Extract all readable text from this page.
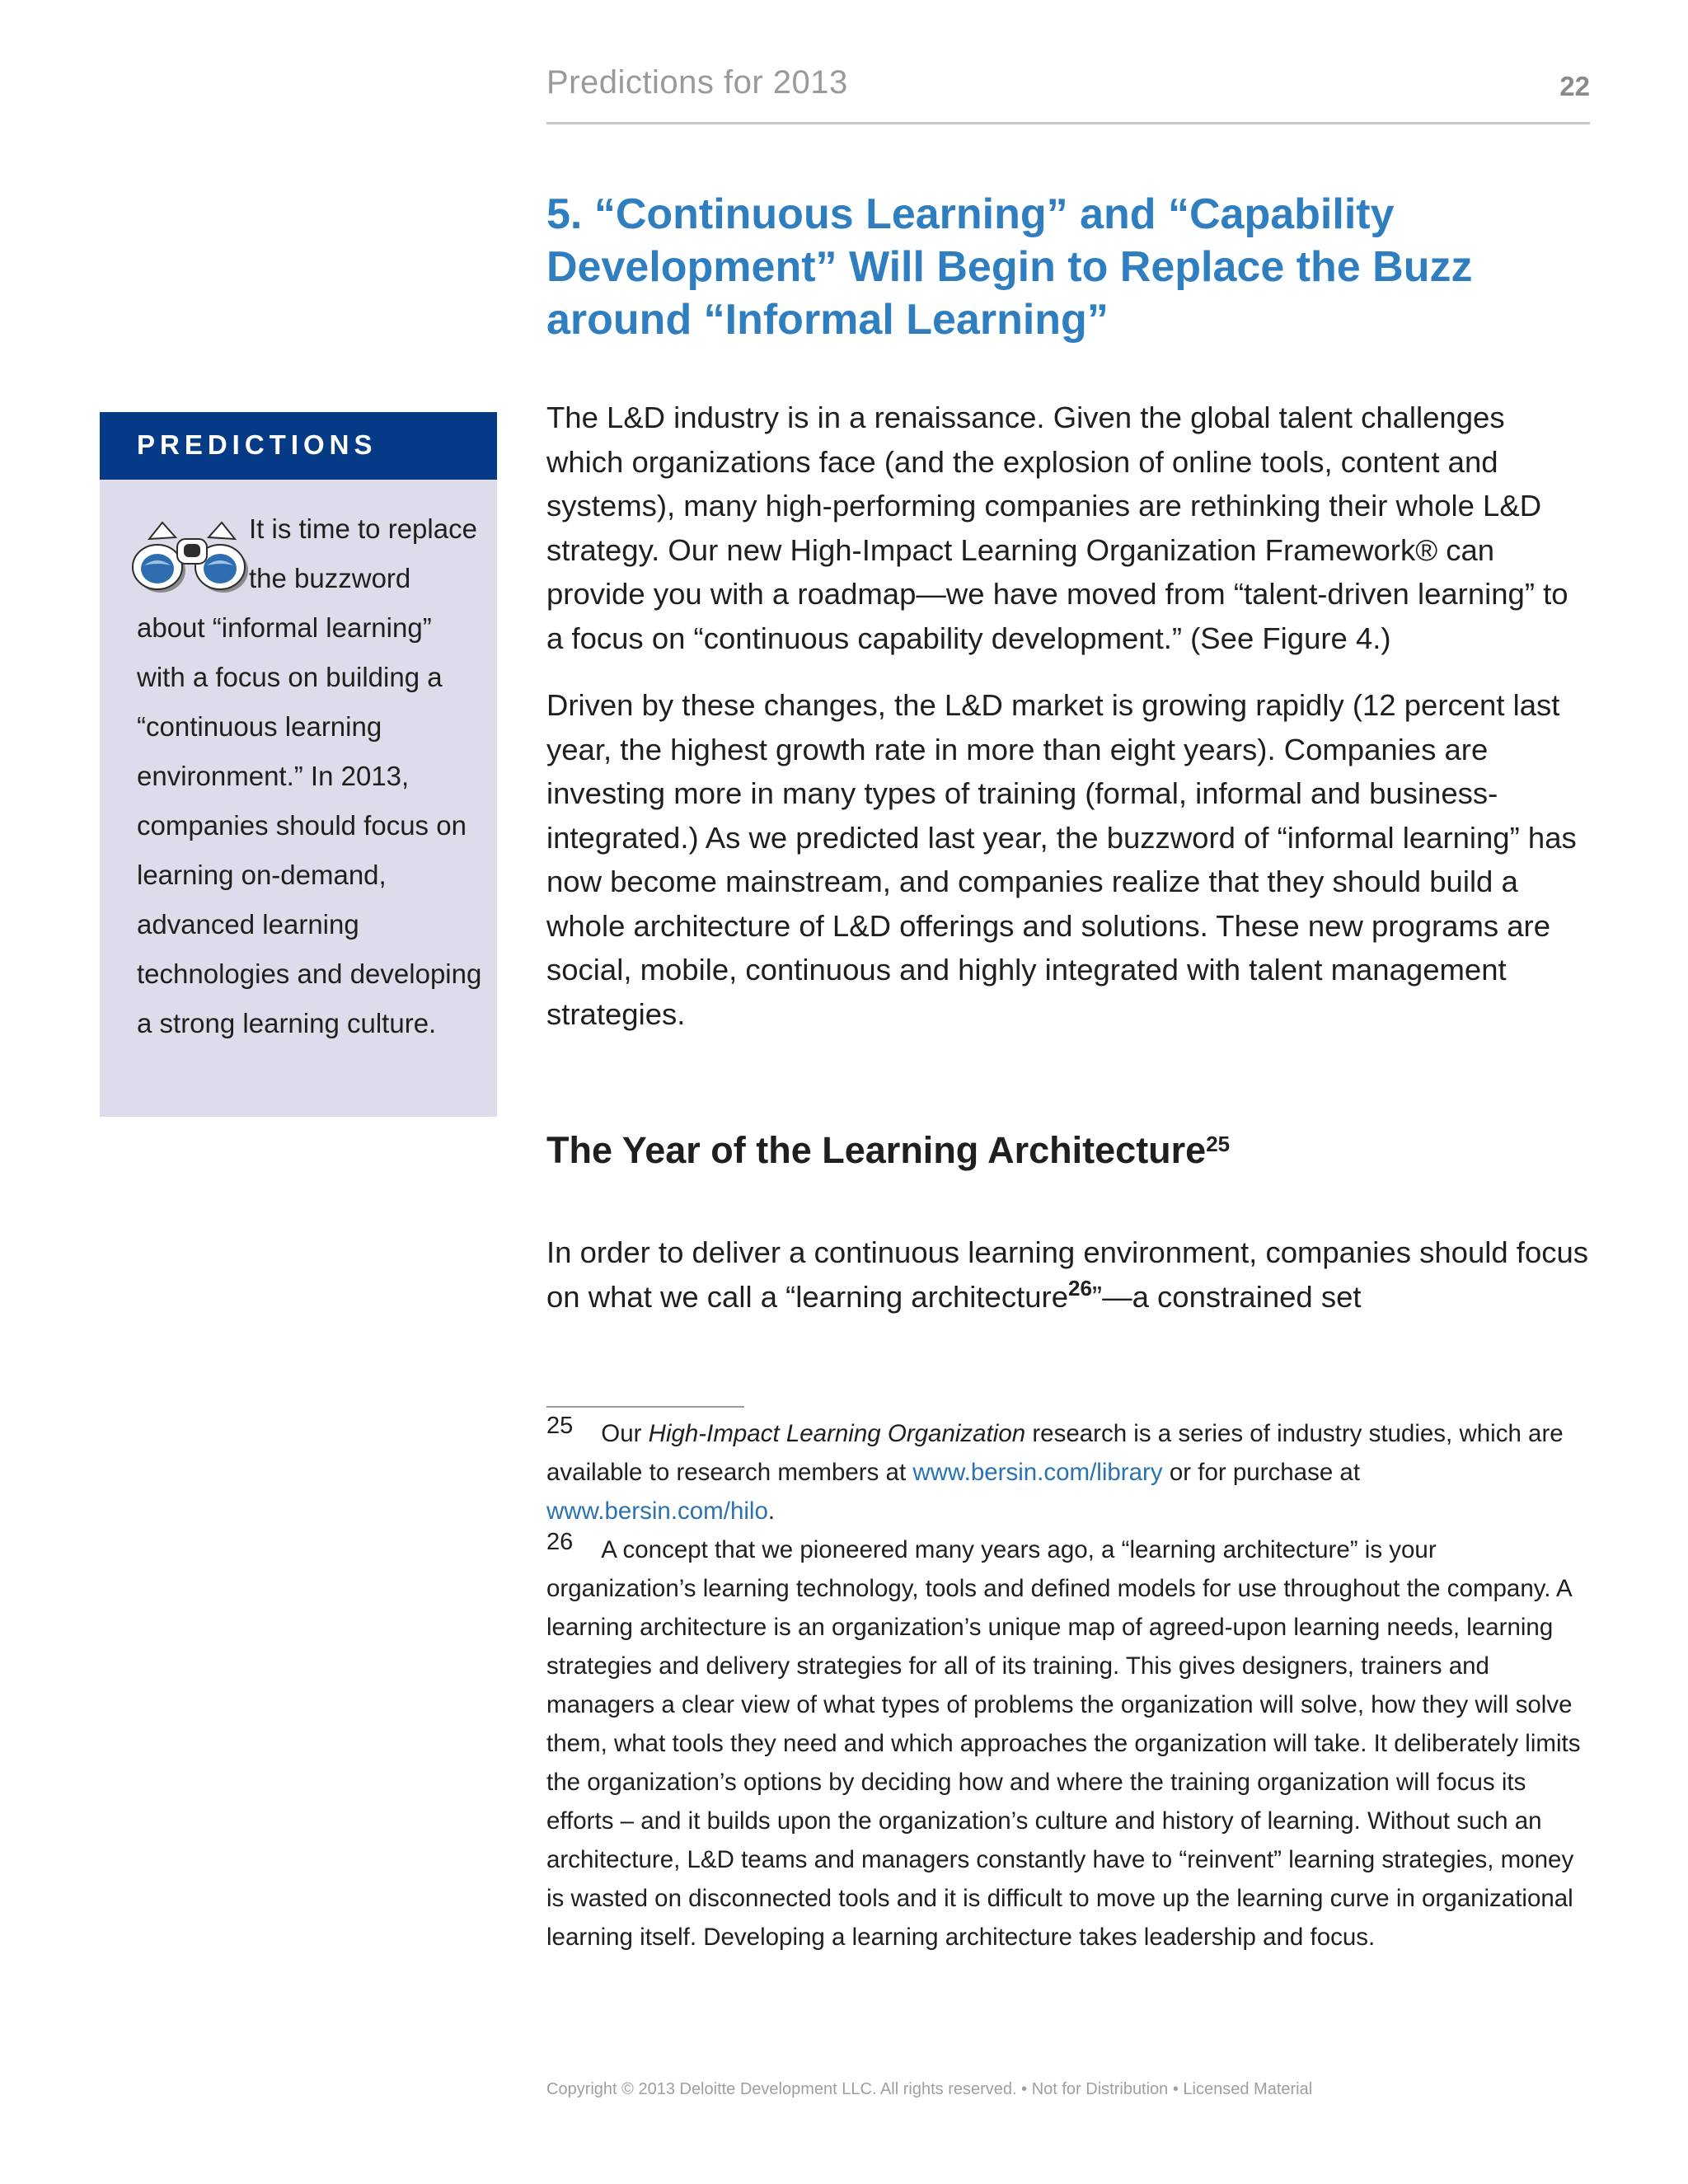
Predictions for 2013	22
5. “Continuous Learning” and “Capability Development” Will Begin to Replace the Buzz around “Informal Learning”
PREDICTIONS
It is time to replace the buzzword about “informal learning” with a focus on building a “continuous learning environment.” In 2013, companies should focus on learning on-demand, advanced learning technologies and developing a strong learning culture.

The L&D industry is in a renaissance. Given the global talent challenges which organizations face (and the explosion of online tools, content and systems), many high-performing companies are rethinking their whole L&D strategy. Our new High-Impact Learning Organization Framework® can provide you with a roadmap—we have moved from “talent-driven learning” to a focus on “continuous capability development.” (See Figure 4.)

Driven by these changes, the L&D market is growing rapidly (12 percent last year, the highest growth rate in more than eight years). Companies are investing more in many types of training (formal, informal and business-integrated.) As we predicted last year, the buzzword of “informal learning” has now become mainstream, and companies realize that they should build a whole architecture of L&D offerings and solutions. These new programs are social, mobile, continuous and highly integrated with talent management strategies.

The Year of the Learning Architecture$^{25}$
In order to deliver a continuous learning environment, companies should focus on what we call a “learning architecture$^{26}$”—a constrained set

25 Our High-Impact Learning Organization research is a series of industry studies, which are available to research members at www.bersin.com/library or for purchase at www.bersin.com/hilo.

26 A concept that we pioneered many years ago, a “learning architecture” is your organization’s learning technology, tools and defined models for use throughout the company. A learning architecture is an organization’s unique map of agreed-upon learning needs, learning strategies and delivery strategies for all of its training. This gives designers, trainers and managers a clear view of what types of problems the organization will solve, how they will solve them, what tools they need and which approaches the organization will take. It deliberately limits the organization’s options by deciding how and where the training organization will focus its efforts – and it builds upon the organization’s culture and history of learning. Without such an architecture, L&D teams and managers constantly have to “reinvent” learning strategies, money is wasted on disconnected tools and it is difficult to move up the learning curve in organizational learning itself. Developing a learning architecture takes leadership and focus.

Copyright © 2013 Deloitte Development LLC. All rights reserved. • Not for Distribution • Licensed Material
